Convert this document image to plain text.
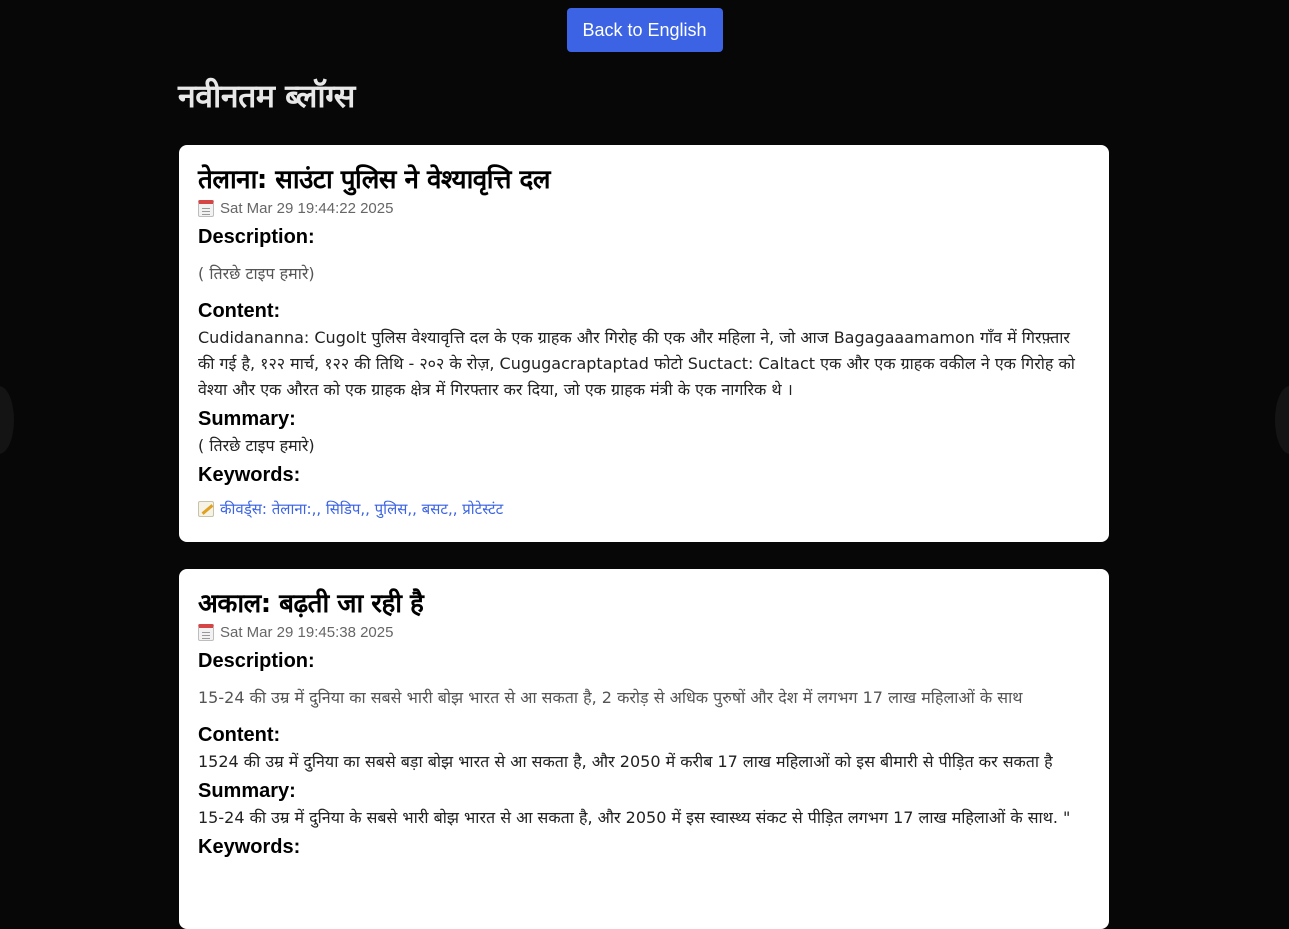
Back to English
नवीनतम ब्लॉग्स
तेलाना: साउंटा पुलिस ने वेश्यावृत्ति दल
Sat Mar 29 19:44:22 2025
Description:
( तिरछे टाइप हमारे)
Content:
Cudidananna: Cugolt पुलिस वेश्यावृत्ति दल के एक ग्राहक और गिरोह की एक और महिला ने, जो आज Bagagaaamamon गाँव में गिरफ़्तार की गई है, १२२ मार्च, १२२ की तिथि - २०२ के रोज़, Cugugacraptaptad फोटो Suctact: Caltact एक और एक ग्राहक वकील ने एक गिरोह को वेश्या और एक औरत को एक ग्राहक क्षेत्र में गिरफ्तार कर दिया, जो एक ग्राहक मंत्री के एक नागरिक थे ।
Summary:
( तिरछे टाइप हमारे)
Keywords:
कीवर्ड्स: तेलाना:,, सिडिप,, पुलिस,, बसट,, प्रोटेस्टंट
अकाल: बढ़ती जा रही है
Sat Mar 29 19:45:38 2025
Description:
15-24 की उम्र में दुनिया का सबसे भारी बोझ भारत से आ सकता है, 2 करोड़ से अधिक पुरुषों और देश में लगभग 17 लाख महिलाओं के साथ
Content:
1524 की उम्र में दुनिया का सबसे बड़ा बोझ भारत से आ सकता है, और 2050 में करीब 17 लाख महिलाओं को इस बीमारी से पीड़ित कर सकता है
Summary:
15-24 की उम्र में दुनिया के सबसे भारी बोझ भारत से आ सकता है, और 2050 में इस स्वास्थ्य संकट से पीड़ित लगभग 17 लाख महिलाओं के साथ. "
Keywords:
